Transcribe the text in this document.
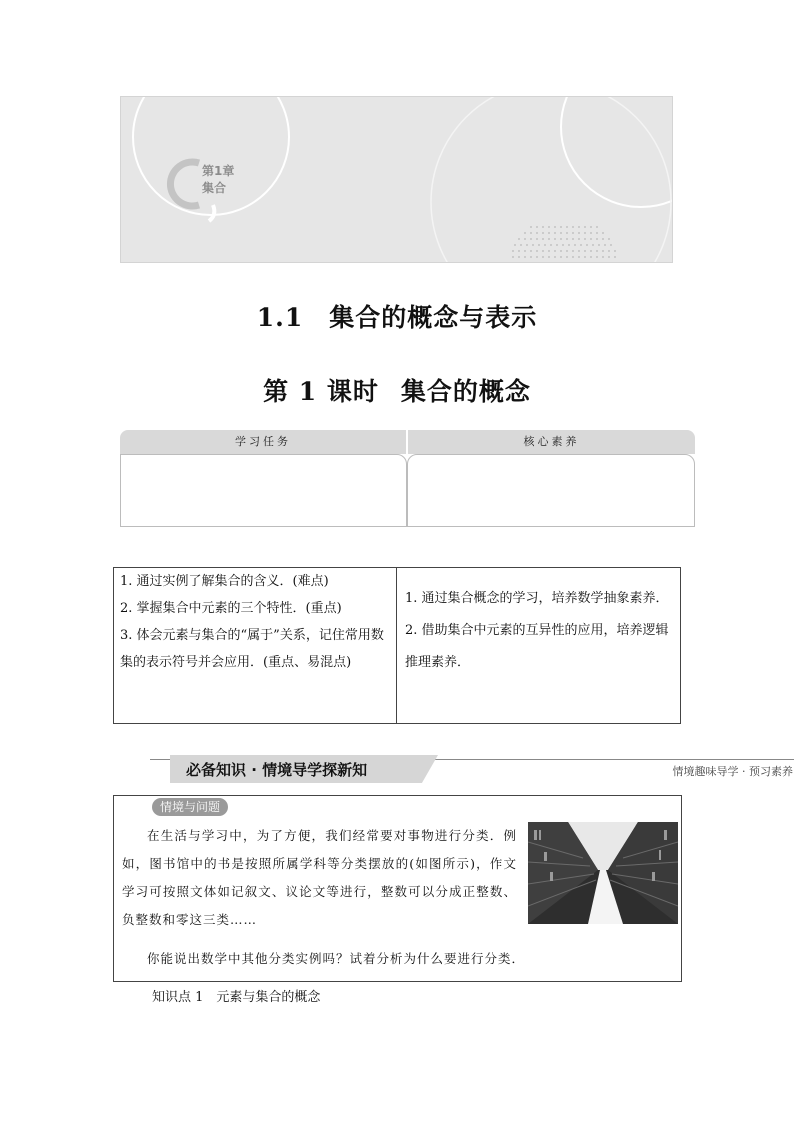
第1章
集合
1.1　集合的概念与表示
第 1 课时 集合的概念
学习任务	核心素养

1. 通过实例了解集合的含义．(难点)

2. 掌握集合中元素的三个特性．(重点)

3. 体会元素与集合的“属于”关系，记住常用数集的表示符号并会应用．(重点、易混点)

1. 通过集合概念的学习，培养数学抽象素养．

2. 借助集合中元素的互异性的应用，培养逻辑推理素养．

必备知识 · 情境导学探新知	情境趣味导学 · 预习素养
情境与问题

在生活与学习中，为了方便，我们经常要对事物进行分类．例如，图书馆中的书是按照所属学科等分类摆放的(如图所示)，作文学习可按照文体如记叙文、议论文等进行，整数可以分成正整数、负整数和零这三类……

你能说出数学中其他分类实例吗？试着分析为什么要进行分类．
知识点 1　元素与集合的概念
